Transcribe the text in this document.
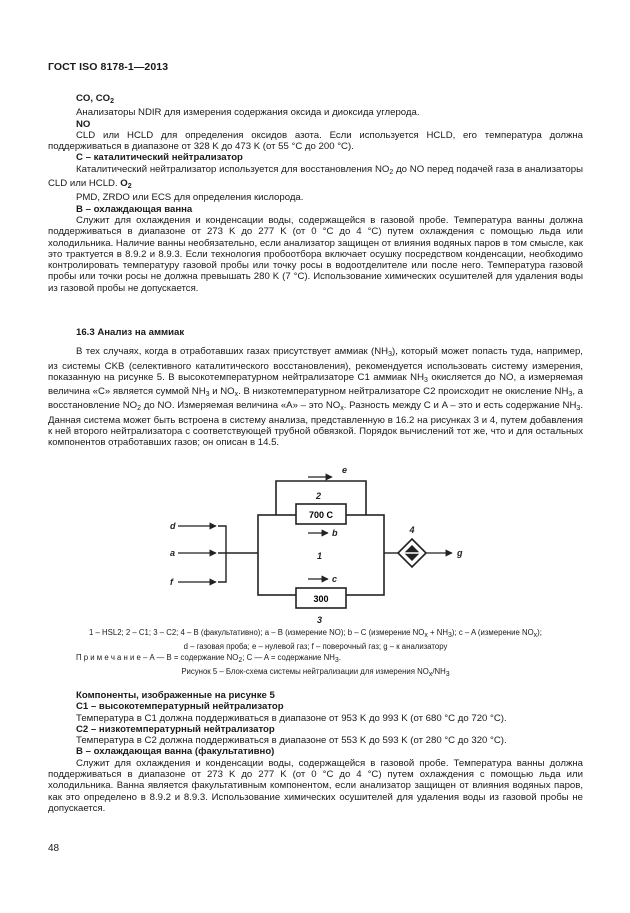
ГОСТ ISO 8178-1—2013

CO, $CO_2$

Анализаторы NDIR для измерения содержания оксида и диоксида углерода.

NO

CLD или HCLD для определения оксидов азота. Если используется HCLD, его температура должна поддерживаться в диапазоне от 328 K до 473 K (от 55 °C до 200 °C).

C – каталитический нейтрализатор

Каталитический нейтрализатор используется для восстановления $NO_2$ до NO перед подачей газа в анализаторы CLD или HCLD. $O_2$

PMD, ZRDO или ECS для определения кислорода.

B – охлаждающая ванна

Служит для охлаждения и конденсации воды, содержащейся в газовой пробе. Температура ванны должна поддерживаться в диапазоне от 273 K до 277 K (от 0 °C до 4 °C) путем охлаждения с помощью льда или холодильника. Наличие ванны необязательно, если анализатор защищен от влияния водяных паров в том смысле, как это трактуется в 8.9.2 и 8.9.3. Если технология пробоотбора включает осушку посредством конденсации, необходимо контролировать температуру газовой пробы или точку росы в водоотделителе или после него. Температура газовой пробы или точки росы не должна превышать 280 K (7 °C). Использование химических осушителей для удаления воды из газовой пробы не допускается.

16.3 Анализ на аммиак

В тех случаях, когда в отработавших газах присутствует аммиак $(NH_3)$, который может попасть туда, например, из системы CKB (селективного каталитического восстановления), рекомендуется использовать систему измерения, показанную на рисунке 5. В высокотемпературном нейтрализаторе C1 аммиак $NH_3$ окисляется до NO, а измеряемая величина «C» является суммой $NH_3$ и $NO_x$. В низкотемпературном нейтрализаторе C2 происходит не окисление $NH_3$, а восстановление $NO_2$ до NO. Измеряемая величина «A» – это $NO_x$. Разность между C и A – это и есть содержание $NH_3$. Данная система может быть встроена в систему анализа, представленную в 16.2 на рисунках 3 и 4, путем добавления к ней второго нейтрализатора с соответствующей трубной обвязкой. Порядок вычислений тот же, что и для остальных компонентов отработавших газов; он описан в 14.5.

700 C
300
e
2
b
1
c
3
d
a
f
4
g

1 – HSL2; 2 – C1; 3 – C2; 4 – B (факультативно); a – B (измерение NO); b – C (измерение NOx + NH3); c – A (измерение NOx);

d – газовая проба; e – нулевой газ; f – поверочный газ; g – к анализатору

П р и м е ч а н и е – A — B = содержание NO2; C — A = содержание NH3.

Рисунок 5 – Блок-схема системы нейтрализации для измерения NOx/NH3

Компоненты, изображенные на рисунке 5

C1 – высокотемпературный нейтрализатор

Температура в C1 должна поддерживаться в диапазоне от 953 K до 993 K (от 680 °C до 720 °C).

C2 – низкотемпературный нейтрализатор

Температура в C2 должна поддерживаться в диапазоне от 553 K до 593 K (от 280 °C до 320 °C).

B – охлаждающая ванна (факультативно)

Служит для охлаждения и конденсации воды, содержащейся в газовой пробе. Температура ванны должна поддерживаться в диапазоне от 273 K до 277 K (от 0 °C до 4 °C) путем охлаждения с помощью льда или холодильника. Ванна является факультативным компонентом, если анализатор защищен от влияния водяных паров, как это определено в 8.9.2 и 8.9.3. Использование химических осушителей для удаления воды из газовой пробы не допускается.

48
